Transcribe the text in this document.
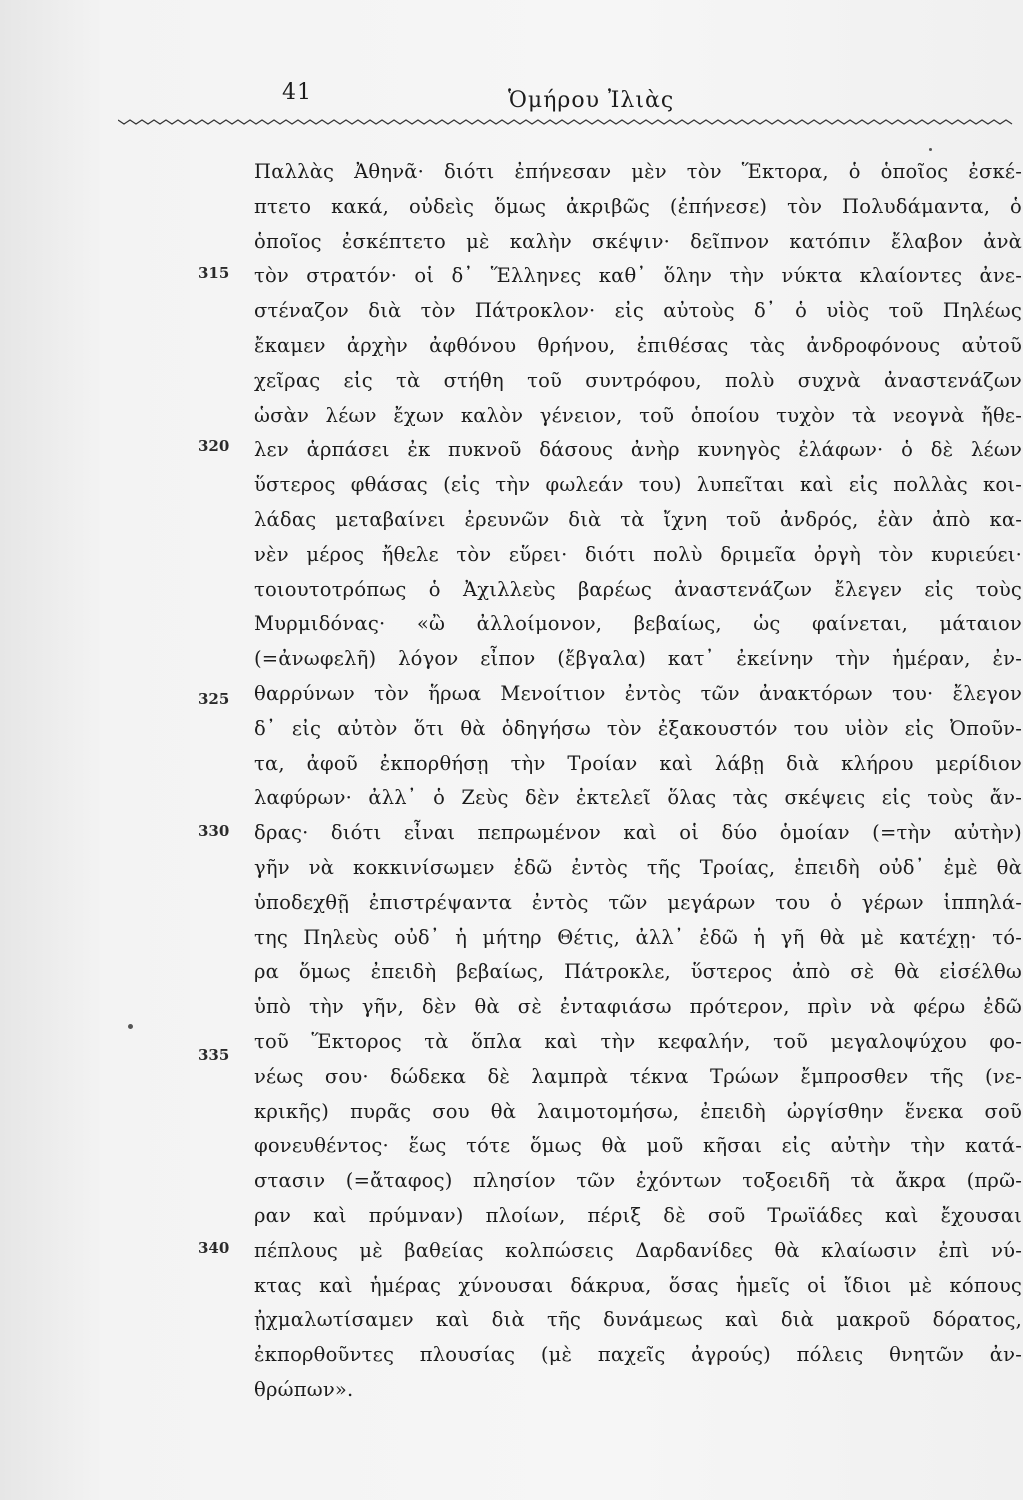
41	Ὁμήρου Ἰλιὰς
315
320
325
330
335
340
Παλλὰς Ἀθηνᾶ· διότι ἐπήνεσαν μὲν τὸν Ἕκτορα, ὁ ὁποῖος ἐσκέ-
πτετο κακά, οὐδεὶς ὅμως ἀκριβῶς (ἐπήνεσε) τὸν Πολυδάμαντα, ὁ
ὁποῖος ἐσκέπτετο μὲ καλὴν σκέψιν· δεῖπνον κατόπιν ἔλαβον ἀνὰ
τὸν στρατόν· οἱ δ᾽ Ἕλληνες καθ᾽ ὅλην τὴν νύκτα κλαίοντες ἀνε-
στέναζον διὰ τὸν Πάτροκλον· εἰς αὐτοὺς δ᾽ ὁ υἱὸς τοῦ Πηλέως
ἔκαμεν ἀρχὴν ἀφθόνου θρήνου, ἐπιθέσας τὰς ἀνδροφόνους αὐτοῦ
χεῖρας εἰς τὰ στήθη τοῦ συντρόφου, πολὺ συχνὰ ἀναστενάζων
ὡσὰν λέων ἔχων καλὸν γένειον, τοῦ ὁποίου τυχὸν τὰ νεογνὰ ἤθε-
λεν ἁρπάσει ἐκ πυκνοῦ δάσους ἀνὴρ κυνηγὸς ἐλάφων· ὁ δὲ λέων
ὕστερος φθάσας (εἰς τὴν φωλεάν του) λυπεῖται καὶ εἰς πολλὰς κοι-
λάδας μεταβαίνει ἐρευνῶν διὰ τὰ ἴχνη τοῦ ἀνδρός, ἐὰν ἀπὸ κα-
νὲν μέρος ἤθελε τὸν εὕρει· διότι πολὺ δριμεῖα ὀργὴ τὸν κυριεύει·
τοιουτοτρόπως ὁ Ἀχιλλεὺς βαρέως ἀναστενάζων ἔλεγεν εἰς τοὺς
Μυρμιδόνας· «ὢ ἀλλοίμονον, βεβαίως, ὡς φαίνεται, μάταιον
(=ἀνωφελῆ) λόγον εἶπον (ἔβγαλα) κατ᾽ ἐκείνην τὴν ἡμέραν, ἐν-
θαρρύνων τὸν ἥρωα Μενοίτιον ἐντὸς τῶν ἀνακτόρων του· ἔλεγον
δ᾽ εἰς αὐτὸν ὅτι θὰ ὁδηγήσω τὸν ἐξακουστόν του υἱὸν εἰς Ὀποῦν-
τα, ἀφοῦ ἐκπορθήσῃ τὴν Τροίαν καὶ λάβῃ διὰ κλήρου μερίδιον
λαφύρων· ἀλλ᾽ ὁ Ζεὺς δὲν ἐκτελεῖ ὅλας τὰς σκέψεις εἰς τοὺς ἄν-
δρας· διότι εἶναι πεπρωμένον καὶ οἱ δύο ὁμοίαν (=τὴν αὐτὴν)
γῆν νὰ κοκκινίσωμεν ἐδῶ ἐντὸς τῆς Τροίας, ἐπειδὴ οὐδ᾽ ἐμὲ θὰ
ὑποδεχθῇ ἐπιστρέψαντα ἐντὸς τῶν μεγάρων του ὁ γέρων ἱππηλά-
της Πηλεὺς οὐδ᾽ ἡ μήτηρ Θέτις, ἀλλ᾽ ἐδῶ ἡ γῆ θὰ μὲ κατέχῃ· τό-
ρα ὅμως ἐπειδὴ βεβαίως, Πάτροκλε, ὕστερος ἀπὸ σὲ θὰ εἰσέλθω
ὑπὸ τὴν γῆν, δὲν θὰ σὲ ἐνταφιάσω πρότερον, πρὶν νὰ φέρω ἐδῶ
τοῦ Ἕκτορος τὰ ὅπλα καὶ τὴν κεφαλήν, τοῦ μεγαλοψύχου φο-
νέως σου· δώδεκα δὲ λαμπρὰ τέκνα Τρώων ἔμπροσθεν τῆς (νε-
κρικῆς) πυρᾶς σου θὰ λαιμοτομήσω, ἐπειδὴ ὠργίσθην ἕνεκα σοῦ
φονευθέντος· ἕως τότε ὅμως θὰ μοῦ κῆσαι εἰς αὐτὴν τὴν κατά-
στασιν (=ἄταφος) πλησίον τῶν ἐχόντων τοξοειδῆ τὰ ἄκρα (πρῶ-
ραν καὶ πρύμναν) πλοίων, πέριξ δὲ σοῦ Τρωϊάδες καὶ ἔχουσαι
πέπλους μὲ βαθείας κολπώσεις Δαρδανίδες θὰ κλαίωσιν ἐπὶ νύ-
κτας καὶ ἡμέρας χύνουσαι δάκρυα, ὅσας ἡμεῖς οἱ ἴδιοι μὲ κόπους
ᾐχμαλωτίσαμεν καὶ διὰ τῆς δυνάμεως καὶ διὰ μακροῦ δόρατος,
ἐκπορθοῦντες πλουσίας (μὲ παχεῖς ἀγρούς) πόλεις θνητῶν ἀν-
θρώπων».
